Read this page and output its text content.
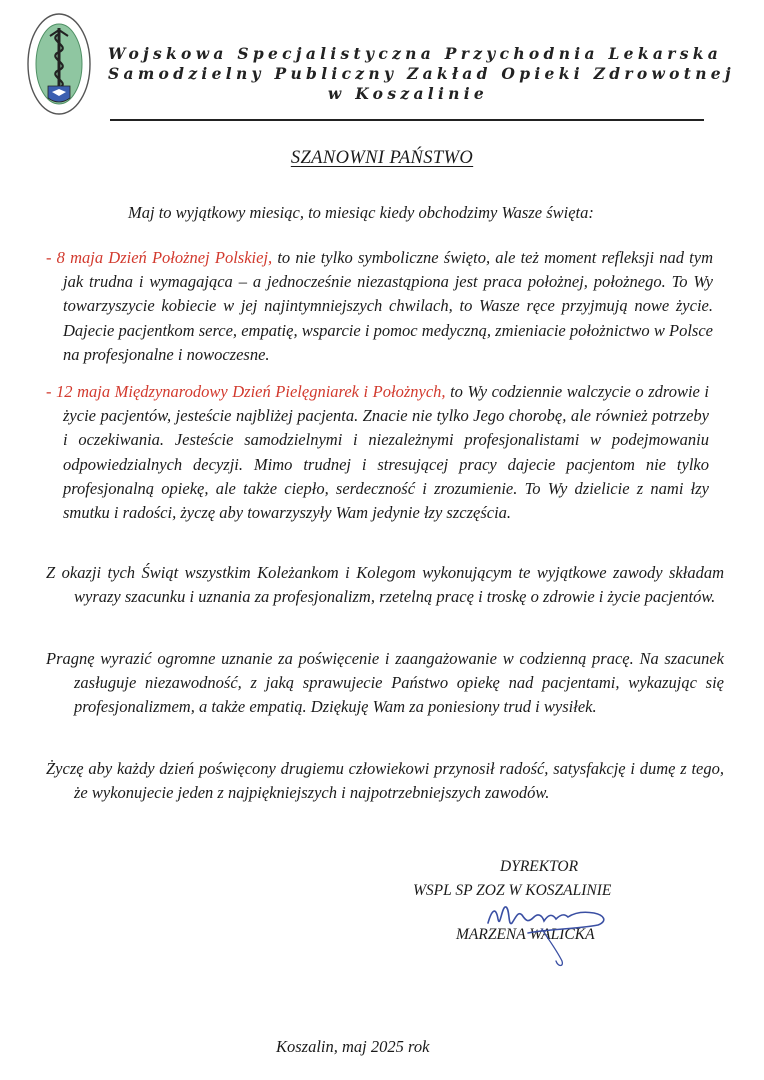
Wojskowa Specjalistyczna Przychodnia Lekarska
Samodzielny Publiczny Zakład Opieki Zdrowotnej
w Koszalinie
SZANOWNI PAŃSTWO
Maj to wyjątkowy miesiąc, to miesiąc kiedy obchodzimy Wasze święta:
- 8 maja Dzień Położnej Polskiej, to nie tylko symboliczne święto, ale też moment refleksji nad tym jak trudna i wymagająca – a jednocześnie niezastąpiona jest praca położnej, położnego. To Wy towarzyszycie kobiecie w jej najintymniejszych chwilach, to Wasze ręce przyjmują nowe życie. Dajecie pacjentkom serce, empatię, wsparcie i pomoc medyczną, zmieniacie położnictwo w Polsce na profesjonalne i nowoczesne.
- 12 maja Międzynarodowy Dzień Pielęgniarek i Położnych, to Wy codziennie walczycie o zdrowie i życie pacjentów, jesteście najbliżej pacjenta. Znacie nie tylko Jego chorobę, ale również potrzeby i oczekiwania. Jesteście samodzielnymi i niezależnymi profesjonalistami w podejmowaniu odpowiedzialnych decyzji. Mimo trudnej i stresującej pracy dajecie pacjentom nie tylko profesjonalną opiekę, ale także ciepło, serdeczność i zrozumienie. To Wy dzielicie z nami łzy smutku i radości, życzę aby towarzyszyły Wam jedynie łzy szczęścia.
Z okazji tych Świąt wszystkim Koleżankom i Kolegom wykonującym te wyjątkowe zawody składam wyrazy szacunku i uznania za profesjonalizm, rzetelną pracę i troskę o zdrowie i życie pacjentów.
Pragnę wyrazić ogromne uznanie za poświęcenie i zaangażowanie w codzienną pracę. Na szacunek zasługuje niezawodność, z jaką sprawujecie Państwo opiekę nad pacjentami, wykazując się profesjonalizmem, a także empatią. Dziękuję Wam za poniesiony trud i wysiłek.
Życzę aby każdy dzień poświęcony drugiemu człowiekowi przynosił radość, satysfakcję i dumę z tego, że wykonujecie jeden z najpiękniejszych i najpotrzebniejszych zawodów.
DYREKTOR
WSPL SP ZOZ W KOSZALINIE
MARZENA WALICKA
Koszalin, maj 2025 rok
